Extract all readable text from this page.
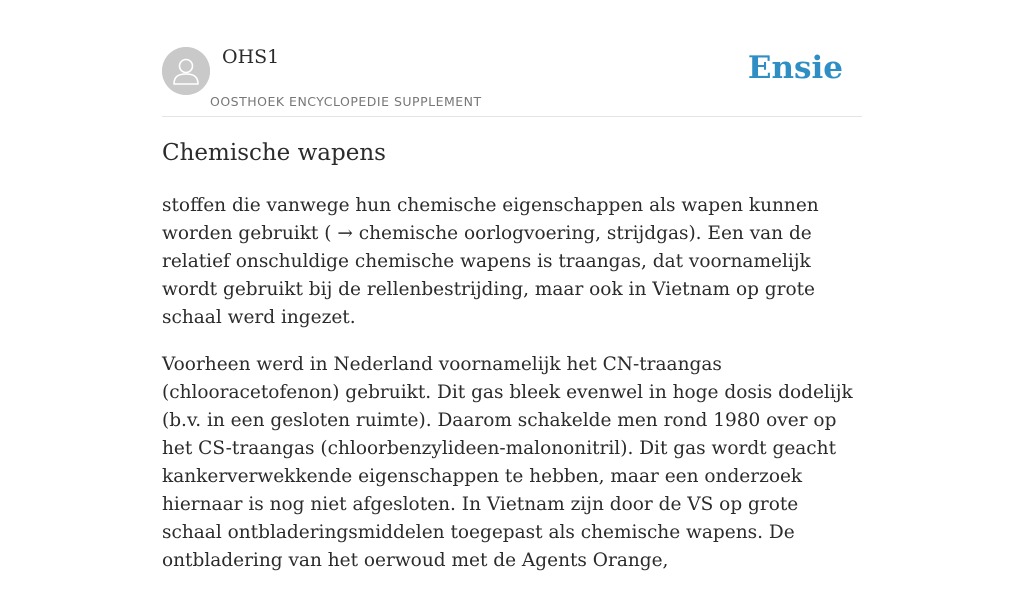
OHS1
OOSTHOEK ENCYCLOPEDIE SUPPLEMENT
Ensie
Chemische wapens

stoffen die vanwege hun chemische eigenschappen als wapen kunnen worden gebruikt ( → chemische oorlogvoering, strijdgas). Een van de relatief onschuldige chemische wapens is traangas, dat voornamelijk wordt gebruikt bij de rellenbestrijding, maar ook in Vietnam op grote schaal werd ingezet.

Voorheen werd in Nederland voornamelijk het CN-traangas (chlooracetofenon) gebruikt. Dit gas bleek evenwel in hoge dosis dodelijk (b.v. in een gesloten ruimte). Daarom schakelde men rond 1980 over op het CS-traangas (chloorbenzylideen-malononitril). Dit gas wordt geacht kankerverwekkende eigenschappen te hebben, maar een onderzoek hiernaar is nog niet afgesloten. In Vietnam zijn door de VS op grote schaal ontbladeringsmiddelen toegepast als chemische wapens. De ontbladering van het oerwoud met de Agents Orange,
